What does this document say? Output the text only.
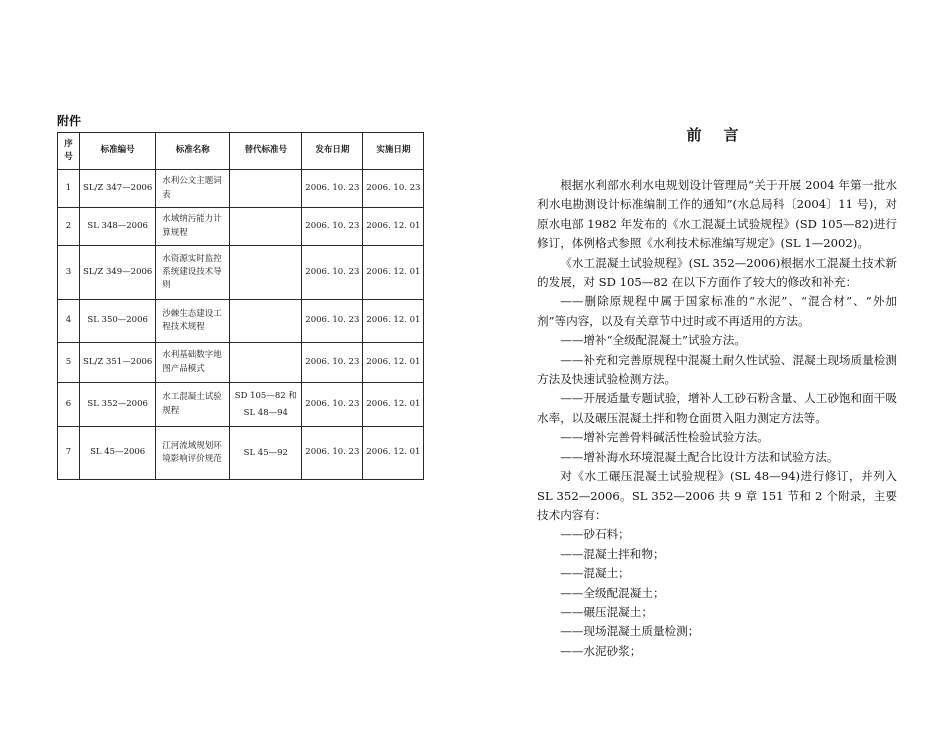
附件
序号	标准编号	标准名称	替代标准号	发布日期	实施日期
1	SL/Z 347—2006	水利公文主题词表		2006. 10. 23	2006. 10. 23
2	SL 348—2006	水域纳污能力计算规程		2006. 10. 23	2006. 12. 01
3	SL/Z 349—2006	水资源实时监控系统建设技术导则		2006. 10. 23	2006. 12. 01
4	SL 350—2006	沙棘生态建设工程技术规程		2006. 10. 23	2006. 12. 01
5	SL/Z 351—2006	水利基础数字地图产品模式		2006. 10. 23	2006. 12. 01
6	SL 352—2006	水工混凝土试验规程	SD 105—82 和 SL 48—94	2006. 10. 23	2006. 12. 01
7	SL 45—2006	江河流域规划环境影响评价规范	SL 45—92	2006. 10. 23	2006. 12. 01
前言

根据水利部水利水电规划设计管理局“关于开展 2004 年第一批水利水电勘测设计标准编制工作的通知”(水总局科〔2004〕11 号)，对原水电部 1982 年发布的《水工混凝土试验规程》(SD 105—82)进行修订，体例格式参照《水利技术标准编写规定》(SL 1—2002)。

《水工混凝土试验规程》(SL 352—2006)根据水工混凝土技术新的发展，对 SD 105—82 在以下方面作了较大的修改和补充：

——删除原规程中属于国家标准的“水泥”、“混合材”、“外加剂”等内容，以及有关章节中过时或不再适用的方法。

——增补“全级配混凝土”试验方法。

——补充和完善原规程中混凝土耐久性试验、混凝土现场质量检测方法及快速试验检测方法。

——开展适量专题试验，增补人工砂石粉含量、人工砂饱和面干吸水率，以及碾压混凝土拌和物仓面贯入阻力测定方法等。

——增补完善骨料碱活性检验试验方法。

——增补海水环境混凝土配合比设计方法和试验方法。

对《水工碾压混凝土试验规程》(SL 48—94)进行修订，并列入 SL 352—2006。SL 352—2006 共 9 章 151 节和 2 个附录，主要技术内容有：

——砂石料；

——混凝土拌和物；

——混凝土；

——全级配混凝土；

——碾压混凝土；

——现场混凝土质量检测；

——水泥砂浆；
